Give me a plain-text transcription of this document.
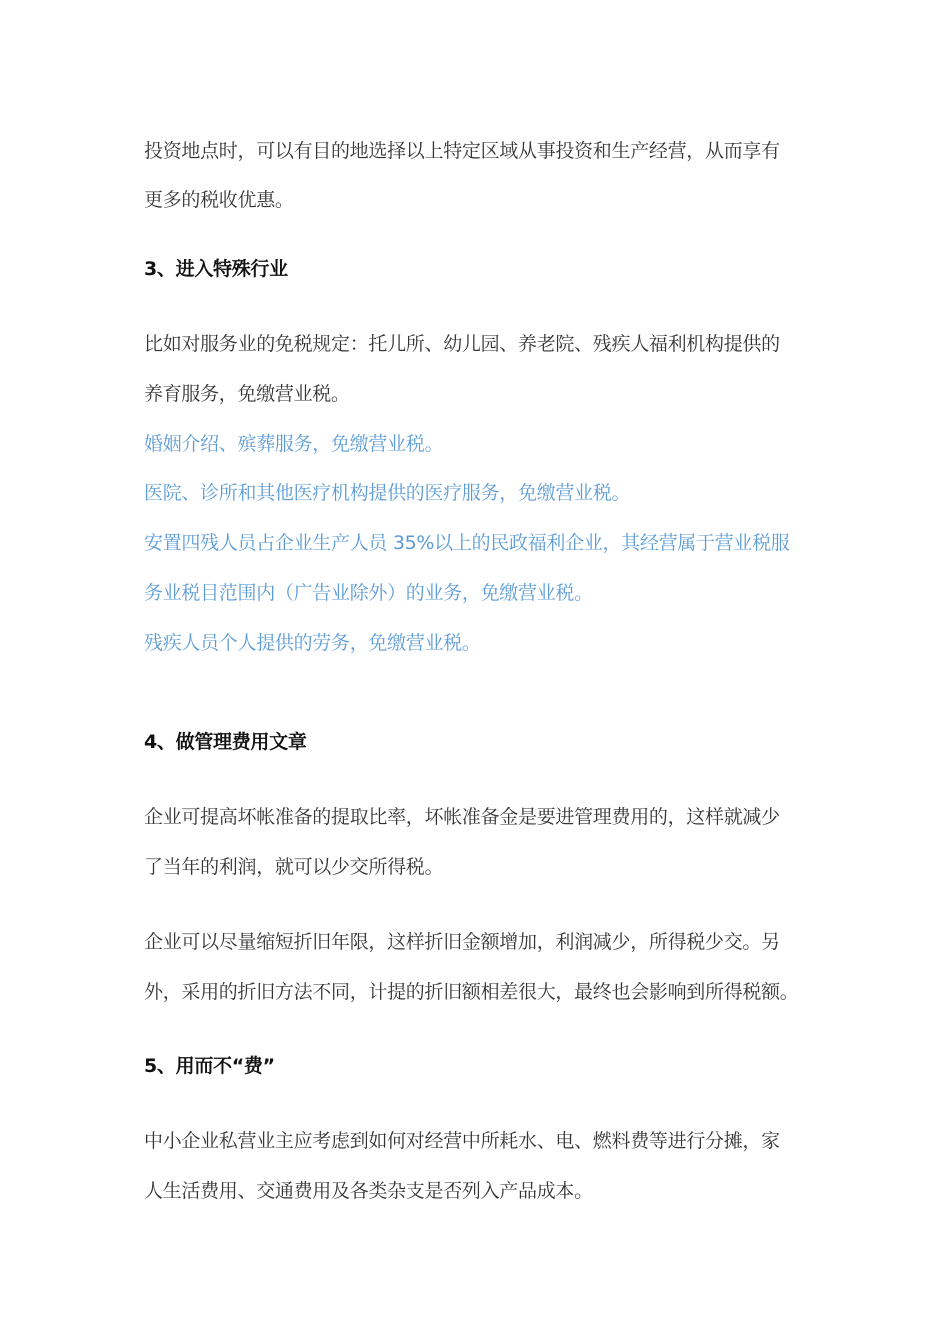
投资地点时，可以有目的地选择以上特定区域从事投资和生产经营，从而享有
更多的税收优惠。
3、进入特殊行业
比如对服务业的免税规定：托儿所、幼儿园、养老院、残疾人福利机构提供的
养育服务，免缴营业税。
婚姻介绍、殡葬服务，免缴营业税。
医院、诊所和其他医疗机构提供的医疗服务，免缴营业税。
安置四残人员占企业生产人员 35%以上的民政福利企业，其经营属于营业税服
务业税目范围内（广告业除外）的业务，免缴营业税。
残疾人员个人提供的劳务，免缴营业税。
4、做管理费用文章
企业可提高坏帐准备的提取比率，坏帐准备金是要进管理费用的，这样就减少
了当年的利润，就可以少交所得税。
企业可以尽量缩短折旧年限，这样折旧金额增加，利润减少，所得税少交。另
外，采用的折旧方法不同，计提的折旧额相差很大，最终也会影响到所得税额。
5、用而不“费”
中小企业私营业主应考虑到如何对经营中所耗水、电、燃料费等进行分摊，家
人生活费用、交通费用及各类杂支是否列入产品成本。
